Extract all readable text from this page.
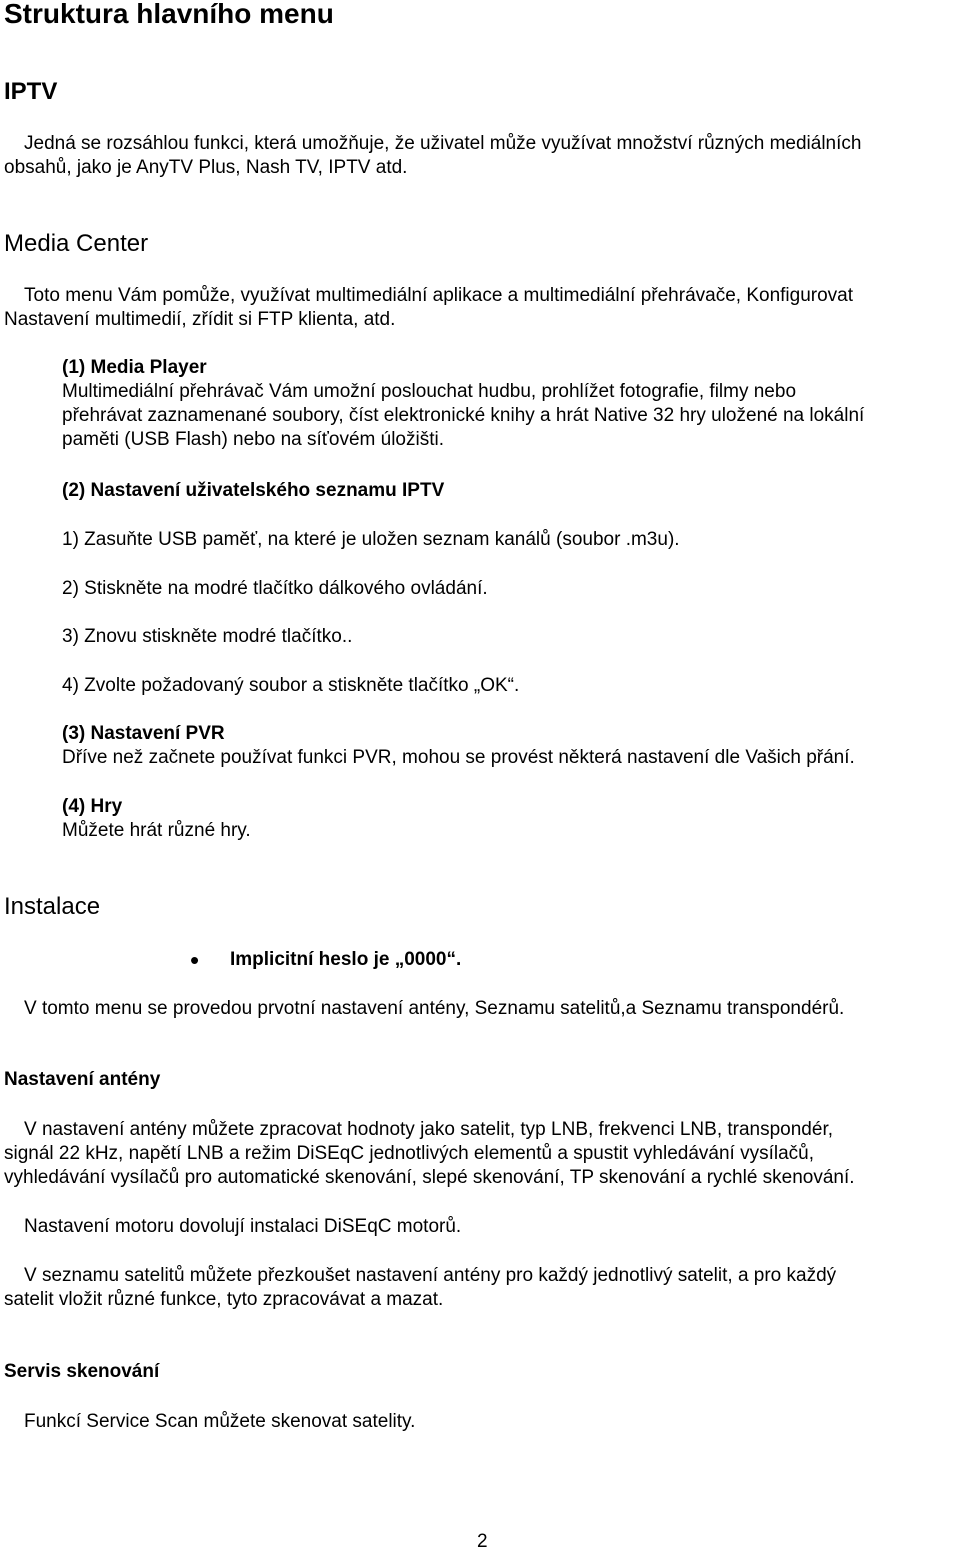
Struktura hlavního menu
IPTV
Jedná se rozsáhlou funkci, která umožňuje, že uživatel může využívat množství různých mediálních
obsahů, jako je AnyTV Plus, Nash TV, IPTV atd.
Media Center
Toto menu Vám pomůže, využívat multimediální aplikace a multimediální přehrávače, Konfigurovat
Nastavení multimedií, zřídit si FTP klienta, atd.
(1) Media Player
Multimediální přehrávač Vám umožní poslouchat hudbu, prohlížet fotografie, filmy nebo
přehrávat zaznamenané soubory, číst elektronické knihy a hrát Native 32 hry uložené na lokální
paměti (USB Flash) nebo na síťovém úložišti.
(2) Nastavení uživatelského seznamu IPTV
1) Zasuňte USB paměť, na které je uložen seznam kanálů (soubor .m3u).
2) Stiskněte na modré tlačítko dálkového ovládání.
3) Znovu stiskněte modré tlačítko..
4) Zvolte požadovaný soubor a stiskněte tlačítko „OK“.
(3) Nastavení PVR
Dříve než začnete používat funkci PVR, mohou se provést některá nastavení dle Vašich přání.
(4) Hry
Můžete hrát různé hry.
Instalace
• Implicitní heslo je „0000“.
V tomto menu se provedou prvotní nastavení antény, Seznamu satelitů,a Seznamu transpondérů.
Nastavení antény
V nastavení antény můžete zpracovat hodnoty jako satelit, typ LNB, frekvenci LNB, transpondér,
signál 22 kHz, napětí LNB a režim DiSEqC jednotlivých elementů a spustit vyhledávání vysílačů,
vyhledávání vysílačů pro automatické skenování, slepé skenování, TP skenování a rychlé skenování.
Nastavení motoru dovolují instalaci DiSEqC motorů.
V seznamu satelitů můžete přezkoušet nastavení antény pro každý jednotlivý satelit, a pro každý
satelit vložit různé funkce, tyto zpracovávat a mazat.
Servis skenování
Funkcí Service Scan můžete skenovat satelity.
2
